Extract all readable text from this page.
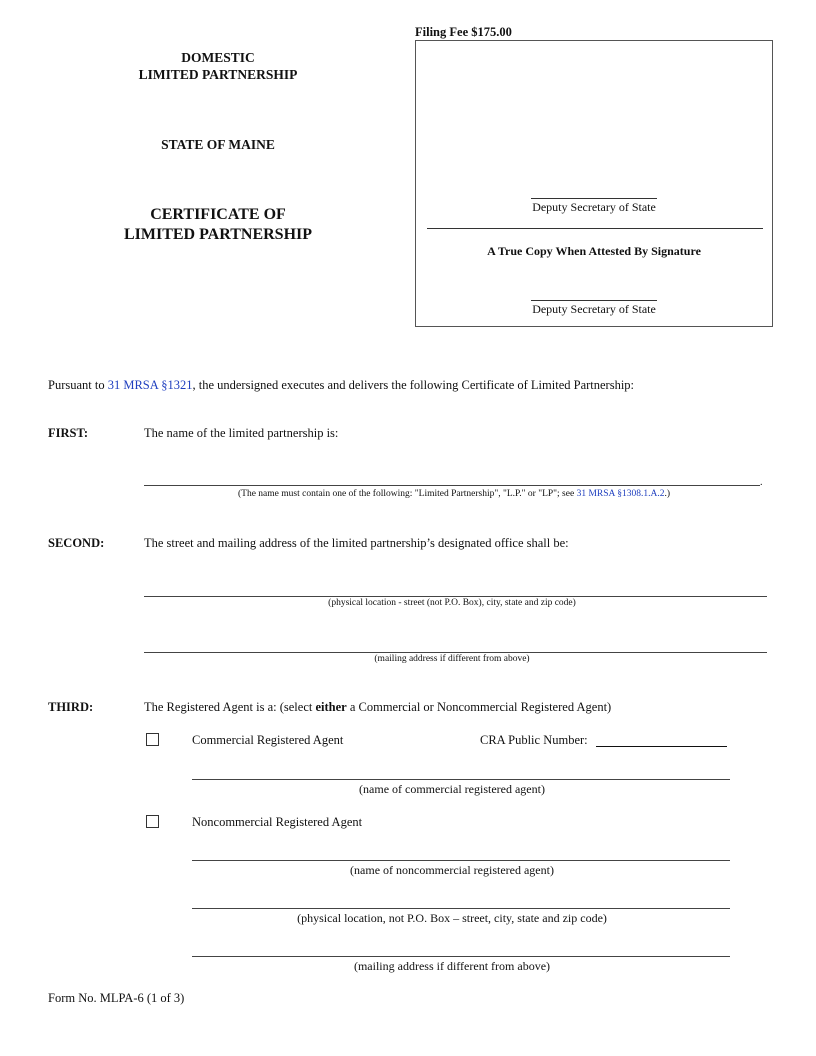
DOMESTIC
LIMITED PARTNERSHIP
STATE OF MAINE
CERTIFICATE OF
LIMITED PARTNERSHIP
Filing Fee $175.00
Deputy Secretary of State
A True Copy When Attested By Signature
Deputy Secretary of State
Pursuant to 31 MRSA §1321, the undersigned executes and delivers the following Certificate of Limited Partnership:
FIRST:	The name of the limited partnership is:
.
(The name must contain one of the following: "Limited Partnership", "L.P." or "LP"; see 31 MRSA §1308.1.A.2.)
SECOND:	The street and mailing address of the limited partnership’s designated office shall be:
(physical location - street (not P.O. Box), city, state and zip code)
(mailing address if different from above)
THIRD:	The Registered Agent is a: (select either a Commercial or Noncommercial Registered Agent)
Commercial Registered Agent	CRA Public Number:
(name of commercial registered agent)
Noncommercial Registered Agent
(name of noncommercial registered agent)
(physical location, not P.O. Box – street, city, state and zip code)
(mailing address if different from above)
Form No. MLPA-6 (1 of 3)
